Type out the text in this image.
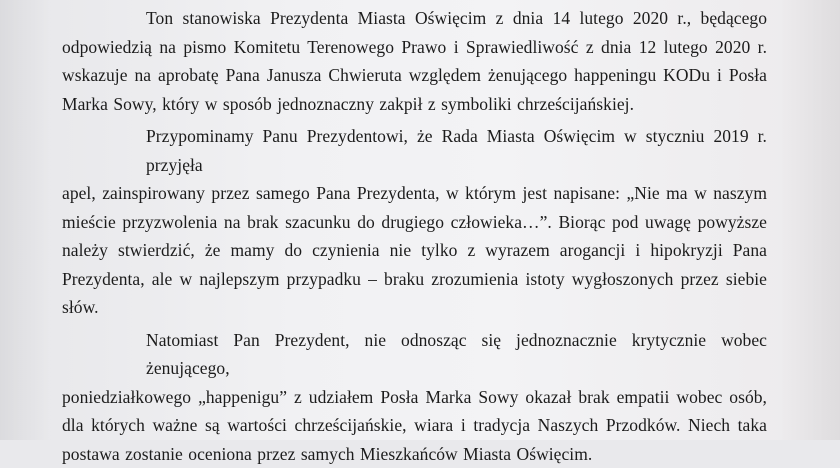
Ton stanowiska Prezydenta Miasta Oświęcim z dnia 14 lutego 2020 r., będącego
odpowiedzią na pismo Komitetu Terenowego Prawo i Sprawiedliwość z dnia 12 lutego 2020 r.
wskazuje na aprobatę Pana Janusza Chwieruta względem żenującego happeningu KODu i Posła
Marka Sowy, który w sposób jednoznaczny zakpił z symboliki chrześcijańskiej.
Przypominamy Panu Prezydentowi, że Rada Miasta Oświęcim w styczniu 2019 r. przyjęła
apel, zainspirowany przez samego Pana Prezydenta, w którym jest napisane: „Nie ma w naszym
mieście przyzwolenia na brak szacunku do drugiego człowieka…”. Biorąc pod uwagę powyższe
należy stwierdzić, że mamy do czynienia nie tylko z wyrazem arogancji i hipokryzji Pana
Prezydenta, ale w najlepszym przypadku – braku zrozumienia istoty wygłoszonych przez siebie
słów.
Natomiast Pan Prezydent, nie odnosząc się jednoznacznie krytycznie wobec żenującego,
poniedziałkowego „happenigu” z udziałem Posła Marka Sowy okazał brak empatii wobec osób,
dla których ważne są wartości chrześcijańskie, wiara i tradycja Naszych Przodków. Niech taka
postawa zostanie oceniona przez samych Mieszkańców Miasta Oświęcim.
